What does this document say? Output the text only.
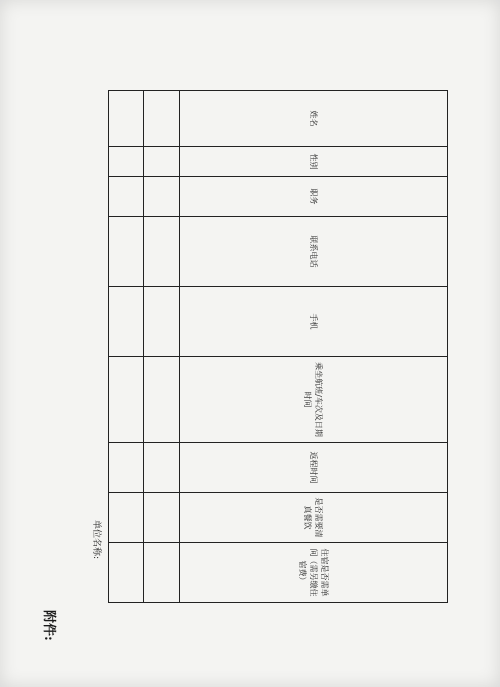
附件:
单位名称:
姓名	性别	职务	联系电话	手机	乘坐航班/车次及日期时间	返程时间	是否需要清真餐饮	住宿是否需单间（需另缴住宿费）
